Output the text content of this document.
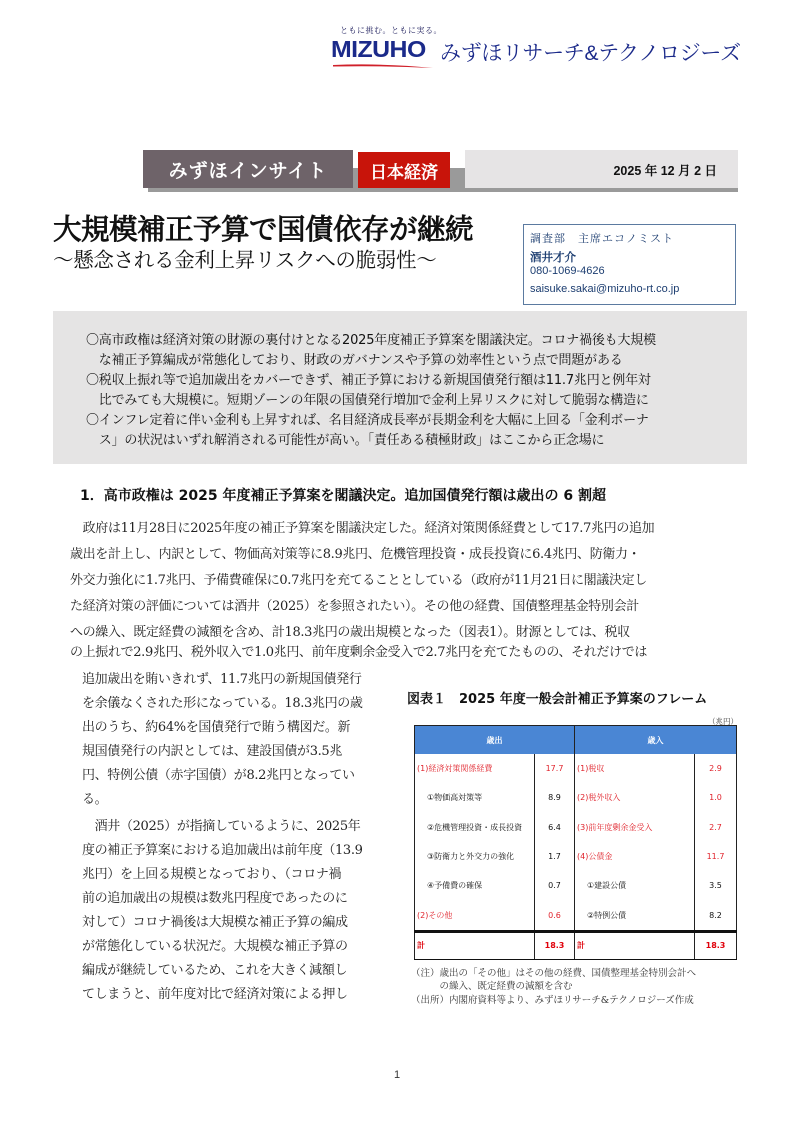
ともに挑む。ともに実る。
MIZUHO みずほリサーチ&テクノロジーズ
みずほインサイト	日本経済	2025 年 12 月 2 日
大規模補正予算で国債依存が継続
～懸念される金利上昇リスクへの脆弱性～
調査部　主席エコノミスト
酒井才介
080-1069-4626
saisuke.sakai@mizuho-rt.co.jp
〇高市政権は経済対策の財源の裏付けとなる2025年度補正予算案を閣議決定。コロナ禍後も大規模
　な補正予算編成が常態化しており、財政のガバナンスや予算の効率性という点で問題がある
〇税収上振れ等で追加歳出をカバーできず、補正予算における新規国債発行額は11.7兆円と例年対
　比でみても大規模に。短期ゾーンの年限の国債発行増加で金利上昇リスクに対して脆弱な構造に
〇インフレ定着に伴い金利も上昇すれば、名目経済成長率が長期金利を大幅に上回る「金利ボーナ
　ス」の状況はいずれ解消される可能性が高い。「責任ある積極財政」はここから正念場に
1．高市政権は 2025 年度補正予算案を閣議決定。追加国債発行額は歳出の 6 割超
　政府は11月28日に2025年度の補正予算案を閣議決定した。経済対策関係経費として17.7兆円の追加
歳出を計上し、内訳として、物価高対策等に8.9兆円、危機管理投資・成長投資に6.4兆円、防衛力・
外交力強化に1.7兆円、予備費確保に0.7兆円を充てることとしている（政府が11月21日に閣議決定し
た経済対策の評価については酒井（2025）を参照されたい）。その他の経費、国債整理基金特別会計
への繰入、既定経費の減額を含め、計18.3兆円の歳出規模となった（図表1）。財源としては、税収
の上振れで2.9兆円、税外収入で1.0兆円、前年度剰余金受入で2.7兆円を充てたものの、それだけでは
追加歳出を賄いきれず、11.7兆円の新規国債発行
を余儀なくされた形になっている。18.3兆円の歳
出のうち、約64%を国債発行で賄う構図だ。新
規国債発行の内訳としては、建設国債が3.5兆
円、特例公債（赤字国債）が8.2兆円となってい
る。
　酒井（2025）が指摘しているように、2025年
度の補正予算案における追加歳出は前年度（13.9
兆円）を上回る規模となっており、（コロナ禍
前の追加歳出の規模は数兆円程度であったのに
対して）コロナ禍後は大規模な補正予算の編成
が常態化している状況だ。大規模な補正予算の
編成が継続しているため、これを大きく減額し
てしまうと、前年度対比で経済対策による押し
図表１　2025 年度一般会計補正予算案のフレーム
（兆円）
歳出		歳入	
(1)経済対策関係経費	17.7	(1)税収	2.9
①物価高対策等	8.9	(2)税外収入	1.0
②危機管理投資・成長投資	6.4	(3)前年度剰余金受入	2.7
③防衛力と外交力の強化	1.7	(4)公債金	11.7
④予備費の確保	0.7	①建設公債	3.5
(2)その他	0.6	②特例公債	8.2
計	18.3	計	18.3
（注）歳出の「その他」はその他の経費、国債整理基金特別会計へ
　　　の繰入、既定経費の減額を含む
（出所）内閣府資料等より、みずほリサーチ&テクノロジーズ作成
1
